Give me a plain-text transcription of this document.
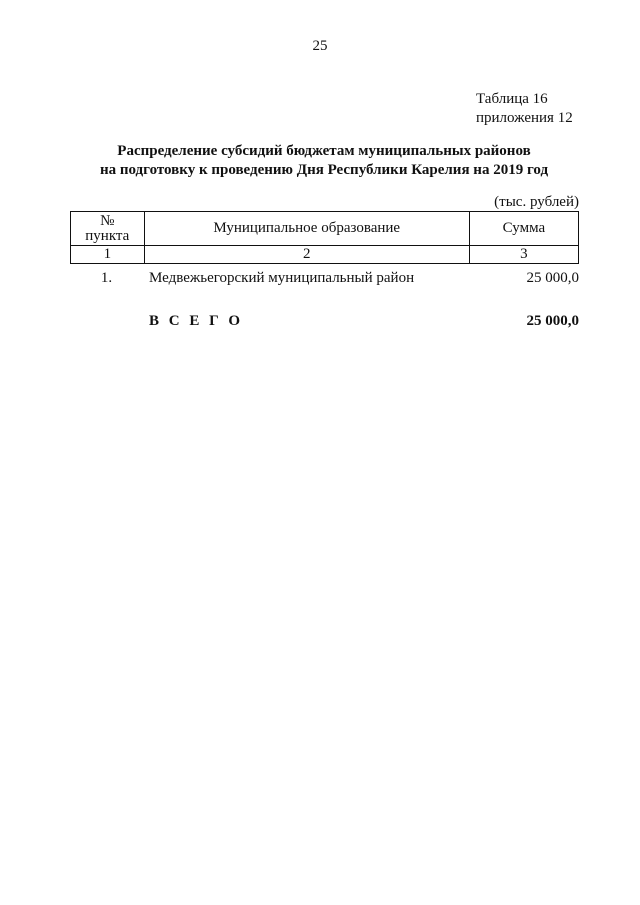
25
Таблица 16
приложения 12
Распределение субсидий бюджетам муниципальных районов
на подготовку к проведению Дня Республики Карелия на 2019 год
(тыс. рублей)
№
пункта	Муниципальное образование	Сумма
1	2	3
1.	Медвежьегорский муниципальный район	25 000,0
В С Е Г О	25 000,0
